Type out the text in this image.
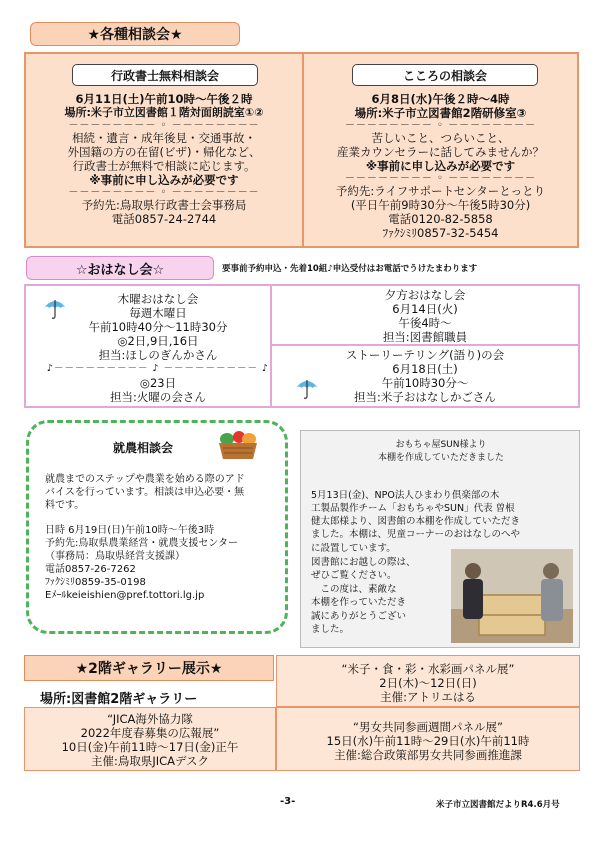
★各種相談会★
行政書士無料相談会
6月11日(土)午前10時～午後２時
場所:米子市立図書館１階対面朗読室①②
－－－－－－－－ ◦ －－－－－－－－
相続・遺言・成年後見・交通事故・
外国籍の方の在留(ビザ)・帰化など、
行政書士が無料で相談に応じます。
※事前に申し込みが必要です
－－－－－－－－ ◦ －－－－－－－－
予約先:鳥取県行政書士会事務局
電話0857-24-2744
こころの相談会
6月8日(水)午後２時～4時
場所:米子市立図書館2階研修室③
－－－－－－－－ ◦ －－－－－－－－
苦しいこと、つらいこと、
産業カウンセラーに話してみませんか？
※事前に申し込みが必要です
－－－－－－－－ ◦ －－－－－－－－
予約先:ライフサポートセンターとっとり
(平日午前9時30分～午後5時30分)
電話0120-82-5858
ﾌｧｸｼﾐﾘ0857-32-5454
☆おはなし会☆	要事前予約申込・先着10組♪申込受付はお電話でうけたまわります
木曜おはなし会
毎週木曜日
午前10時40分～11時30分
◎2日,9日,16日
担当:ほしのぎんかさん
♪－－－－－－－－－ ♪ －－－－－－－－－ ♪
◎23日
担当:火曜の会さん
夕方おはなし会
6月14日(火)
午後4時～
担当:図書館職員
ストーリーテリング(語り)の会
6月18日(土)
午前10時30分～
担当:米子おはなしかごさん
就農相談会
就農までのステップや農業を始める際のアド
バイスを行っています。相談は申込必要・無
料です。
日時 6月19日(日)午前10時～午後3時
予約先:鳥取県農業経営・就農支援センター
（事務局：鳥取県経営支援課）
電話0857-26-7262
ﾌｧｸｼﾐﾘ0859-35-0198
Eﾒｰﾙkeieishien@pref.tottori.lg.jp
おもちゃ屋SUN様より
本棚を作成していただきました
5月13日(金)、NPO法人ひまわり倶楽部の木
工製品製作チーム「おもちゃやSUN」代表 曽根
健太郎様より、図書館の本棚を作成していただき
ました。本棚は、児童コーナーのおはなしのへや
に設置しています。
図書館にお越しの際は、
ぜひご覧ください。
　この度は、素敵な
本棚を作っていただき
誠にありがとうござい
ました。
★2階ギャラリー展示★
場所:図書館2階ギャラリー
“米子・食・彩・水彩画パネル展”
2日(木)～12日(日)
主催:アトリエはる
“JICA海外協力隊
2022年度春募集の広報展”
10日(金)午前11時～17日(金)正午
主催:鳥取県JICAデスク
“男女共同参画週間パネル展”
15日(水)午前11時～29日(水)午前11時
主催:総合政策部男女共同参画推進課
-3-	米子市立図書館だよりR4.6月号
